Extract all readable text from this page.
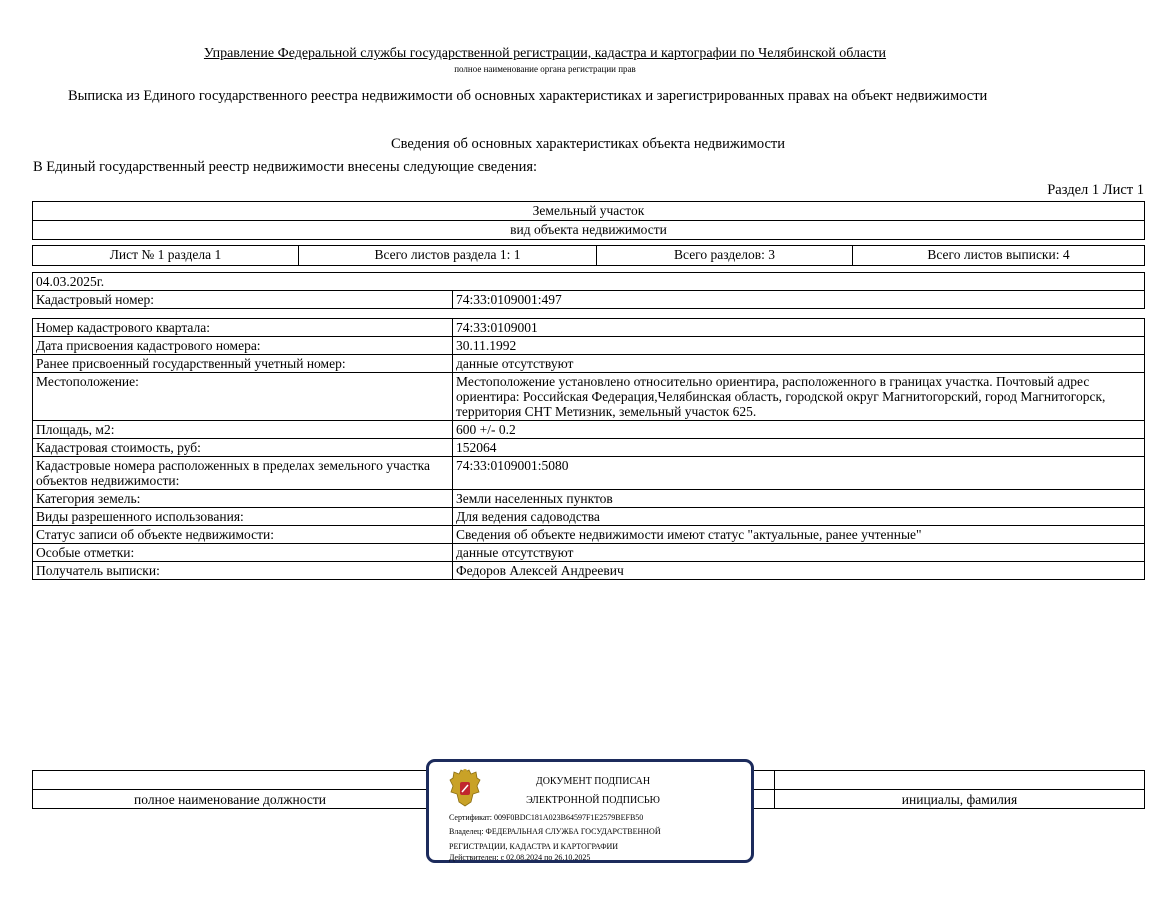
Управление Федеральной службы государственной регистрации, кадастра и картографии по Челябинской области
полное наименование органа регистрации прав
Выписка из Единого государственного реестра недвижимости об основных характеристиках и зарегистрированных правах на объект недвижимости
Сведения об основных характеристиках объекта недвижимости
В Единый государственный реестр недвижимости внесены следующие сведения:
Раздел 1 Лист 1
Земельный участок
вид объекта недвижимости
Лист № 1 раздела 1	Всего листов раздела 1: 1	Всего разделов: 3	Всего листов выписки: 4
04.03.2025г.
Кадастровый номер:	74:33:0109001:497
Номер кадастрового квартала:	74:33:0109001
Дата присвоения кадастрового номера:	30.11.1992
Ранее присвоенный государственный учетный номер:	данные отсутствуют
Местоположение:	Местоположение установлено относительно ориентира, расположенного в границах участка. Почтовый адрес ориентира: Российская Федерация,Челябинская область, городской округ Магнитогорский, город Магнитогорск, территория СНТ Метизник, земельный участок 625.
Площадь, м2:	600 +/- 0.2
Кадастровая стоимость, руб:	152064
Кадастровые номера расположенных в пределах земельного участка объектов недвижимости:	74:33:0109001:5080
Категория земель:	Земли населенных пунктов
Виды разрешенного использования:	Для ведения садоводства
Статус записи об объекте недвижимости:	Сведения об объекте недвижимости имеют статус "актуальные, ранее учтенные"
Особые отметки:	данные отсутствуют
Получатель выписки:	Федоров Алексей Андреевич

полное наименование должности		инициалы, фамилия
ДОКУМЕНТ ПОДПИСАН
ЭЛЕКТРОННОЙ ПОДПИСЬЮ
Сертификат: 009F0BDC181A023B64597F1E2579BEFB50
Владелец: ФЕДЕРАЛЬНАЯ СЛУЖБА ГОСУДАРСТВЕННОЙ
РЕГИСТРАЦИИ, КАДАСТРА И КАРТОГРАФИИ
Действителен: с 02.08.2024 по 26.10.2025
